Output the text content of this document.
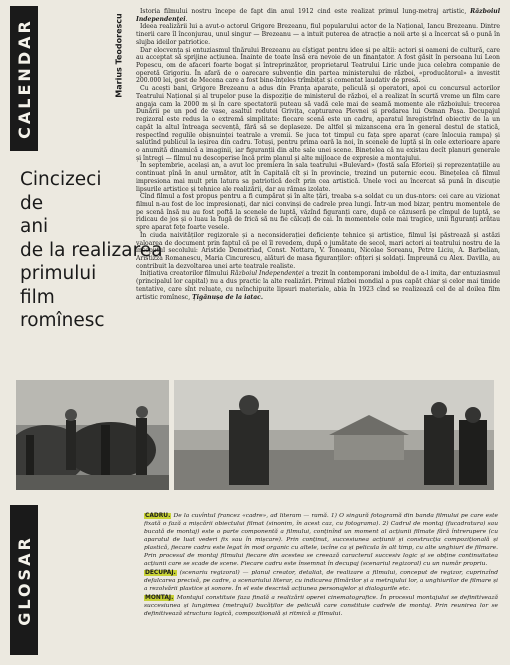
CALENDAR	Marius Teodorescu
Cincizeci
de
ani
de la realizarea
primului
film
romînesc

Istoria filmului nostru începe de fapt din anul 1912 cind este realizat primul lung-metraj artistic, Războiul Independenței.

Ideea realizării lui a avut-o actorul Grigore Brezeanu, fiul popularului actor de la Național, Iancu Brezeanu. Dintre tinerii care îl înconjurau, unul singur — Brezeanu — a intuit puterea de atracție a noii arte și a încercat să o pună în slujba ideilor patriotice.

Dar elocvența și entuziasmul tînărului Brezeanu au cîștigat pentru idee și pe alții: actori și oameni de cultură, care au acceptat să sprijine acțiunea. Înainte de toate însă era nevoie de un finanțator. A fost găsit în persoana lui Leon Popescu, om de afaceri foarte bogat și întreprinzător, proprietarul Teatrului Liric unde juca celebra companie de operetă Grigoriu. În afară de o oarecare subvenție din partea ministerului de război, «producătorul» a investit 200.000 lei, gest de Mecena care a fost bine-înțeles trîmbițat și comentat laudativ de presă.

Cu acești bani, Grigore Brezeanu a adus din Franța aparate, peliculă și operatori, apoi cu concursul actorilor Teatrului Național și al trupelor puse la dispoziție de ministerul de război, el a realizat în scurtă vreme un film care angaja cam la 2000 m și în care spectatorii puteau să vadă cele mai de seamă momente ale războiului: trecerea Dunării pe un pod de vase, asaltul redutei Grivița, capturarea Plevnei și predarea lui Osman Pașa. Decupajul regizoral este redus la o extremă simplitate: fiecare scenă este un cadru, aparatul înregistrînd obiectiv de la un capăt la altul întreaga secvență, fără să se deplaseze. De altfel și mizanscena era în general destul de statică, respectînd regulile obișnuinței teatrale a vremii. Se juca tot timpul cu fața spre aparat (care înlocuia rampa) și salutînd publicul la ieșirea din cadru. Totuși, pentru prima oară la noi, în scenele de luptă și în cele exterioare apare o anumită dinamică a imaginii, iar figuranții din alte sale unei scene. Binețelea că nu existau decît planuri generale și întregi — filmul nu descoperise încă prim planul și alte mijloace de expresie a montajului.

În septembrie, același an, a avut loc premiera în sala teatrului «Bulevard» (fostă sala Eforiei) și reprezentațiile au continuat pînă în anul următor, atît în Capitală cît și în provincie, trezind un puternic ecou. Binețelea că filmul impresiona mai mult prin latura sa patriotică decît prin cea artistică. Unele voci au încercat să pună în discuție lipsurile artistice și tehnice ale realizării, dar au rămas izolate.

Cînd filmul a fost propus pentru a fi cumpărat și în alte țări, treaba s-a soldat cu un dus-ntors: cei care au vizionat filmul n-au fost de loc impresionați, dar nici convinși de cadrele prea lungi. Într-un mod bizar, pentru momentele de pe scenă însă nu au fost poftă la scenele de luptă, văzînd figuranți care, după ce căzuseră pe cîmpul de luptă, se ridicau de jos și o luau la fugă de frică să nu fie călcați de cai. În momentele cele mai tragice, unii figuranți arătau spre aparat fețe foarte vesele.

În ciuda naivităților regizorale și a neconsiderației deficiențe tehnice și artistice, filmul își păstrează și astăzi valoarea de document prin faptul că pe el îl revedem, după o jumătate de secol, mari actori ai teatrului nostru de la începutul secolului: Aristide Demetriad, Const. Nottara, V. Toneanu, Nicolae Soreanu, Petre Liciu, A. Barbelian, Aristizza Romanescu, Maria Cincurescu, alături de masa figuranților: ofițeri și soldați. Împreună cu Alex. Davilla, au contribuit la dezvoltarea unei arte teatrale realiste.

Inițiativa creatorilor filmului Războiul Independenței a trezit în contemporani imboldul de a-l imita, dar entuziasmul (principalul lor capital) nu a dus practic la alte realizări. Primul război mondial a pus capăt chiar și celor mai timide tentative, care sînt reluate, cu neînchipuite lipsuri materiale, abia în 1923 cînd se realizează cel de al doilea film artistic romînesc, Țigănușa de la iatac.

GLOSAR

CADRU. De la cuvîntul francez «cadre», ad literam — ramă. 1) O singură fotogramă din banda filmului pe care este fixată o fază a mișcării obiectului filmat (sinonim, în acest caz, cu fotograma). 2) Cadrul de montaj (fucadratura) sau bucată de montaj) este o parte componentă a filmului, conținînd un moment al acțiunii filmate fără întrerupere (cu aparatul de luat vederi fix sau în mișcare). Prin conținut, succesiunea acțiunii și construcția compozițională și plastică, fiecare cadru este legat în mod organic cu altele, iscîne ca și pelicula în alt timp, cu alte unghiuri de filmare. Prin procesul de montaj filmului fiecare din acestea se creează caracterul succesiv logic și se obține continuitatea acțiunii care se scade de scene. Fiecare cadru este însemnat în decupaj (scenariul regizoral) cu un număr propriu.

DECUPAJ. (scenariu regizoral) — planul creator, detaliat, de realizare a filmului, conceput de regizor, cuprinzînd defalcarea precisă, pe cadre, a scenariului literar, cu indicarea filmărilor și a metrajului lor, a unghiurilor de filmare și a rezolvării plastice și sonore. În el este descrisă acțiunea personajelor și dialogurile etc.

MONTAJ. Montajul constituie faza finală a realizării operei cinematografice. În procesul montajului se definitivează succesiunea și lungimea (metrajul) bucăților de peliculă care constituie cadrele de montaj. Prin reunirea lor se definitivează structura logică, compozițională și ritmică a filmului.
